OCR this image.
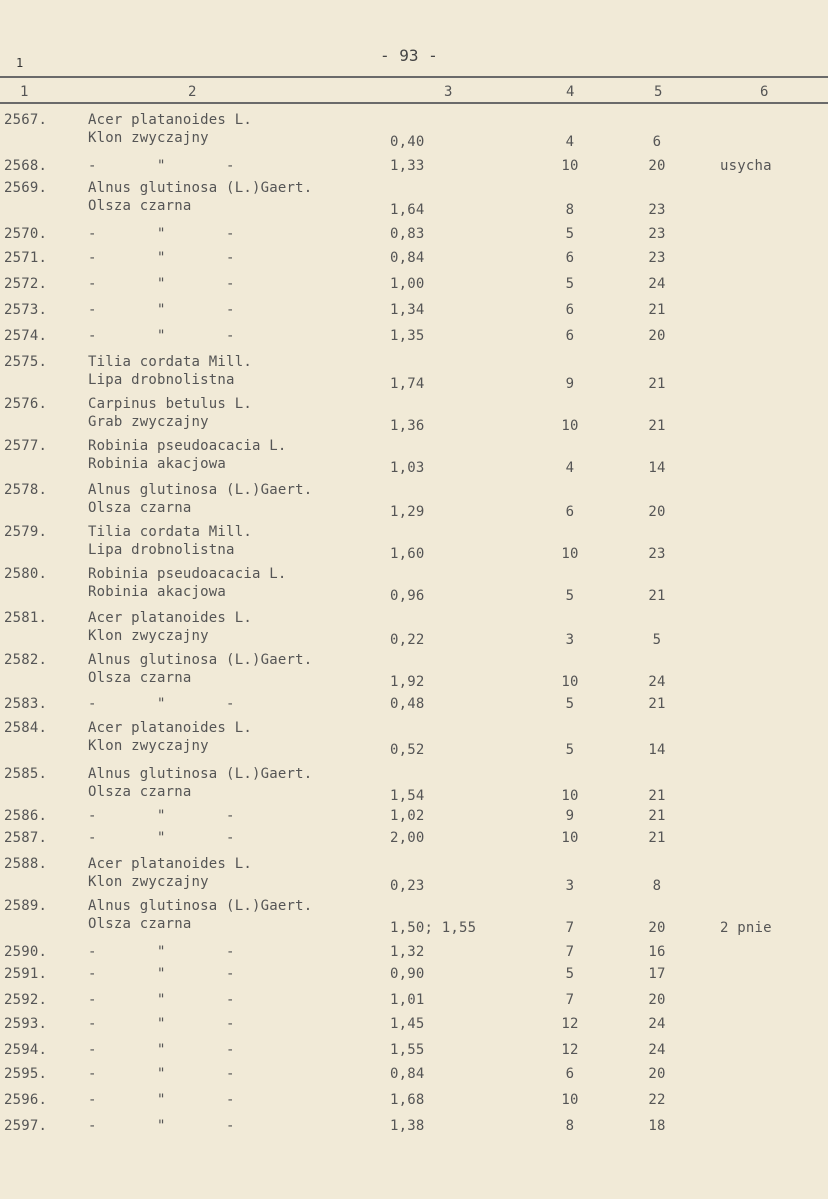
1	- 93 -
1	2	3	4	5	6
2567.	Acer platanoides L.
Klon zwyczajny	0,40	4	6
2568.	-       "       -	1,33	10	20	usycha
2569.	Alnus glutinosa (L.)Gaert.
Olsza czarna	1,64	8	23
2570.	-       "       -	0,83	5	23
2571.	-       "       -	0,84	6	23
2572.	-       "       -	1,00	5	24
2573.	-       "       -	1,34	6	21
2574.	-       "       -	1,35	6	20
2575.	Tilia cordata Mill.
Lipa drobnolistna	1,74	9	21
2576.	Carpinus betulus L.
Grab zwyczajny	1,36	10	21
2577.	Robinia pseudoacacia L.
Robinia akacjowa	1,03	4	14
2578.	Alnus glutinosa (L.)Gaert.
Olsza czarna	1,29	6	20
2579.	Tilia cordata Mill.
Lipa drobnolistna	1,60	10	23
2580.	Robinia pseudoacacia L.
Robinia akacjowa	0,96	5	21
2581.	Acer platanoides L.
Klon zwyczajny	0,22	3	5
2582.	Alnus glutinosa (L.)Gaert.
Olsza czarna	1,92	10	24
2583.	-       "       -	0,48	5	21
2584.	Acer platanoides L.
Klon zwyczajny	0,52	5	14
2585.	Alnus glutinosa (L.)Gaert.
Olsza czarna	1,54	10	21
2586.	-       "       -	1,02	9	21
2587.	-       "       -	2,00	10	21
2588.	Acer platanoides L.
Klon zwyczajny	0,23	3	8
2589.	Alnus glutinosa (L.)Gaert.
Olsza czarna	1,50; 1,55	7	20	2 pnie
2590.	-       "       -	1,32	7	16
2591.	-       "       -	0,90	5	17
2592.	-       "       -	1,01	7	20
2593.	-       "       -	1,45	12	24
2594.	-       "       -	1,55	12	24
2595.	-       "       -	0,84	6	20
2596.	-       "       -	1,68	10	22
2597.	-       "       -	1,38	8	18
